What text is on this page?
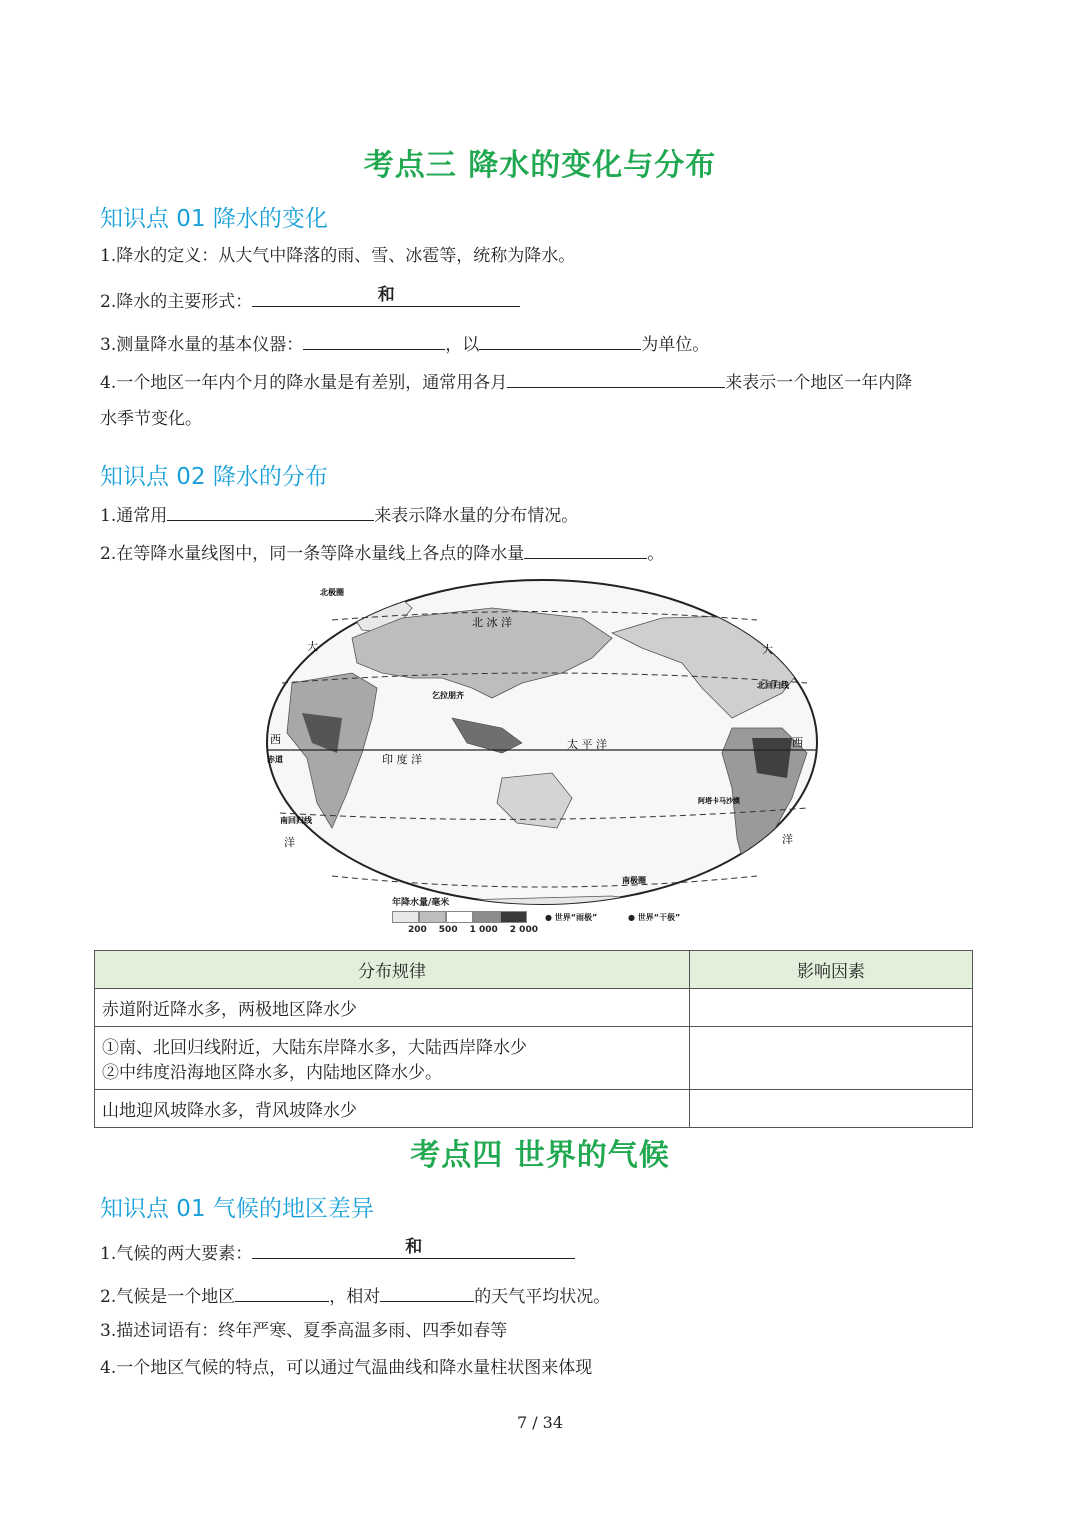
考点三 降水的变化与分布
知识点 01 降水的变化
1.降水的定义：从大气中降落的雨、雪、冰雹等，统称为降水。
2.降水的主要形式：	和
3.测量降水量的基本仪器：	，以	为单位。
4.一个地区一年内个月的降水量是有差别，通常用各月	来表示一个地区一年内降
水季节变化。
知识点 02 降水的分布
1.通常用	来表示降水量的分布情况。
2.在等降水量线图中，同一条等降水量线上各点的降水量	。
北极圈
北 冰 洋
北回归线
赤道
南回归线
南极圈
大
西
洋
大
西
洋
印 度 洋
太 平 洋
乞拉朋齐
阿塔卡马沙漠
年降水量/毫米
200 500 1 000 2 000
● 世界“雨极”	● 世界“干极”
分布规律	影响因素
赤道附近降水多，两极地区降水少	

①南、北回归线附近，大陆东岸降水多，大陆西岸降水少
②中纬度沿海地区降水多，内陆地区降水少。	

山地迎风坡降水多，背风坡降水少	
考点四 世界的气候
知识点 01 气候的地区差异
1.气候的两大要素：	和
2.气候是一个地区	，相对	的天气平均状况。
3.描述词语有：终年严寒、夏季高温多雨、四季如春等
4.一个地区气候的特点，可以通过气温曲线和降水量柱状图来体现
7 / 34
